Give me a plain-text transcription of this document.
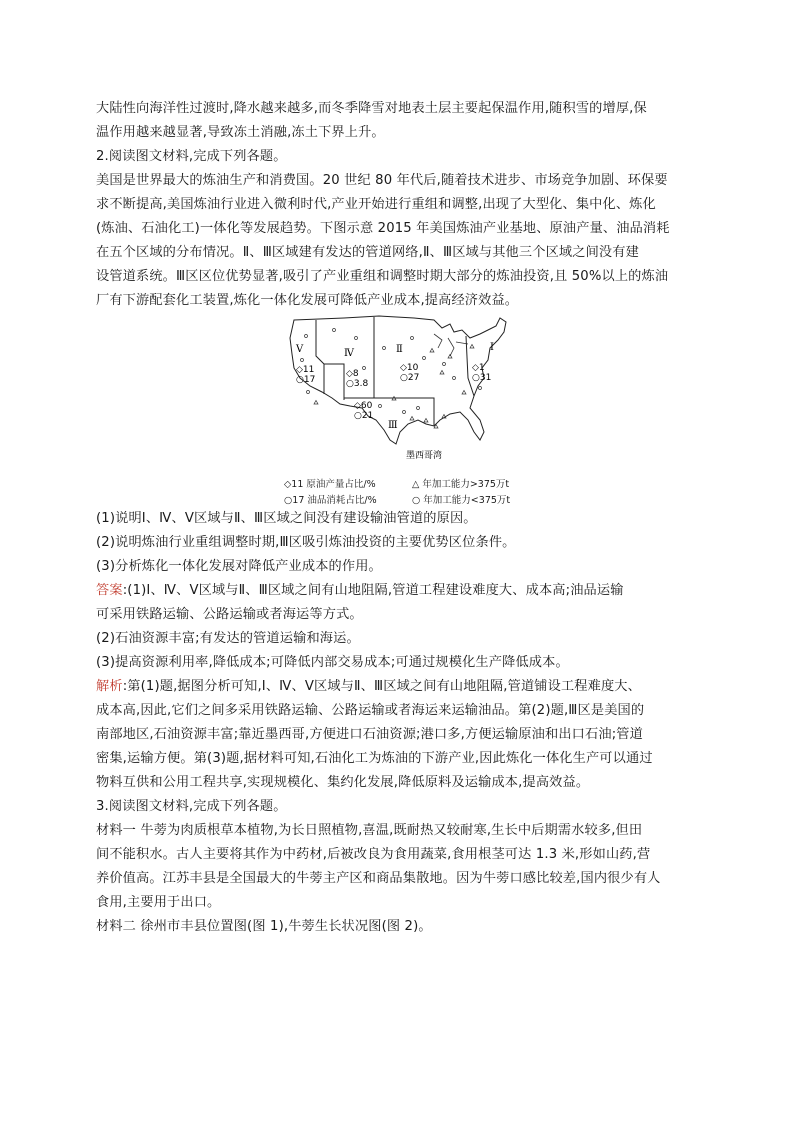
大陆性向海洋性过渡时,降水越来越多,而冬季降雪对地表土层主要起保温作用,随积雪的增厚,保
温作用越来越显著,导致冻土消融,冻土下界上升。
2.阅读图文材料,完成下列各题。
美国是世界最大的炼油生产和消费国。20 世纪 80 年代后,随着技术进步、市场竞争加剧、环保要
求不断提高,美国炼油行业进入微利时代,产业开始进行重组和调整,出现了大型化、集中化、炼化
(炼油、石油化工)一体化等发展趋势。下图示意 2015 年美国炼油产业基地、原油产量、油品消耗
在五个区域的分布情况。Ⅱ、Ⅲ区域建有发达的管道网络,Ⅱ、Ⅲ区域与其他三个区域之间没有建
设管道系统。Ⅲ区区位优势显著,吸引了产业重组和调整时期大部分的炼油投资,且 50%以上的炼油
厂有下游配套化工装置,炼化一体化发展可降低产业成本,提高经济效益。
Ⅴ	Ⅳ	Ⅱ	Ⅰ
Ⅲ
◇11
○17
◇8
○3.8
◇10
○27
◇1
○31
◇60
○21
墨西哥湾
◇11 原油产量占比/%	△ 年加工能力>375万t
○17 油品消耗占比/%	○ 年加工能力<375万t
(1)说明Ⅰ、Ⅳ、Ⅴ区域与Ⅱ、Ⅲ区域之间没有建设输油管道的原因。
(2)说明炼油行业重组调整时期,Ⅲ区吸引炼油投资的主要优势区位条件。
(3)分析炼化一体化发展对降低产业成本的作用。
答案:(1)Ⅰ、Ⅳ、Ⅴ区域与Ⅱ、Ⅲ区域之间有山地阻隔,管道工程建设难度大、成本高;油品运输
可采用铁路运输、公路运输或者海运等方式。
(2)石油资源丰富;有发达的管道运输和海运。
(3)提高资源利用率,降低成本;可降低内部交易成本;可通过规模化生产降低成本。
解析:第(1)题,据图分析可知,Ⅰ、Ⅳ、Ⅴ区域与Ⅱ、Ⅲ区域之间有山地阻隔,管道铺设工程难度大、
成本高,因此,它们之间多采用铁路运输、公路运输或者海运来运输油品。第(2)题,Ⅲ区是美国的
南部地区,石油资源丰富;靠近墨西哥,方便进口石油资源;港口多,方便运输原油和出口石油;管道
密集,运输方便。第(3)题,据材料可知,石油化工为炼油的下游产业,因此炼化一体化生产可以通过
物料互供和公用工程共享,实现规模化、集约化发展,降低原料及运输成本,提高效益。
3.阅读图文材料,完成下列各题。
材料一 牛蒡为肉质根草本植物,为长日照植物,喜温,既耐热又较耐寒,生长中后期需水较多,但田
间不能积水。古人主要将其作为中药材,后被改良为食用蔬菜,食用根茎可达 1.3 米,形如山药,营
养价值高。江苏丰县是全国最大的牛蒡主产区和商品集散地。因为牛蒡口感比较差,国内很少有人
食用,主要用于出口。
材料二 徐州市丰县位置图(图 1),牛蒡生长状况图(图 2)。
